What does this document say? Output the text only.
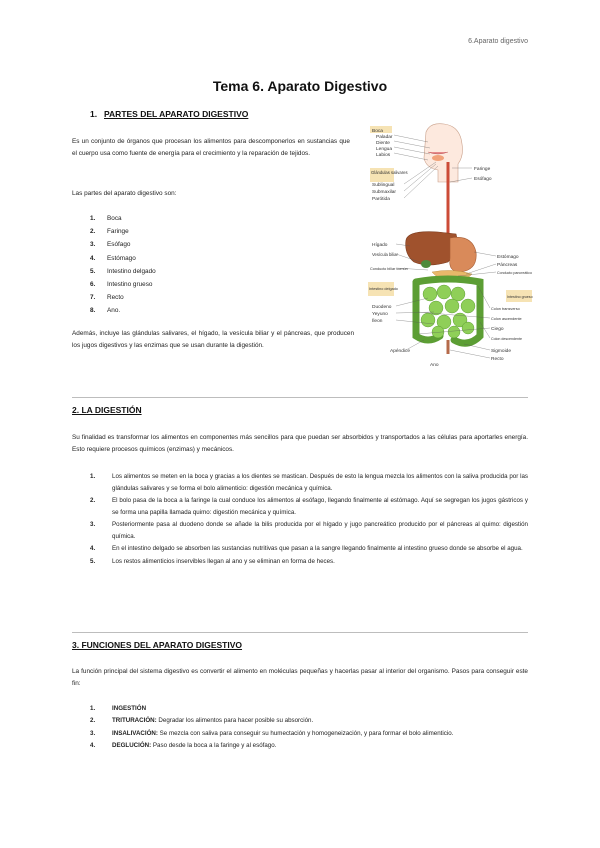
6.Aparato digestivo
Tema 6. Aparato Digestivo
1. PARTES DEL APARATO DIGESTIVO
Es un conjunto de órganos que procesan los alimentos para descomponerlos en sustancias que el cuerpo usa como fuente de energía para el crecimiento y la reparación de tejidos.
Las partes del aparato digestivo son:
1.	Boca
2.	Faringe
3.	Esófago
4.	Estómago
5.	Intestino delgado
6.	Intestino grueso
7.	Recto
8.	Ano.
Además, incluye las glándulas salivares, el hígado, la vesícula biliar y el páncreas, que producen los jugos digestivos y las enzimas que se usan durante la digestión.
Boca
Paladar
Diente
Lengua
Labios
Glándulas salivares
Sublingual
Submaxilar
Parótida
Faringe
Esófago
Hígado
Vesícula biliar
Conducto biliar común
Intestino delgado
Duodeno
Yeyuno
Íleon
Estómago
Páncreas
Conducto pancreático
Intestino grueso
Colon transverso
Colon ascendente
Ciego
Colon descendente
Sigmoide
Recto
Apéndice
Ano
2. LA DIGESTIÓN
Su finalidad es transformar los alimentos en componentes más sencillos para que puedan ser absorbidos y transportados a las células para aportarles energía. Esto requiere procesos químicos (enzimas) y mecánicos.
1.	Los alimentos se meten en la boca y gracias a los dientes se mastican. Después de esto la lengua mezcla los alimentos con la saliva producida por las glándulas salivares y se forma el bolo alimenticio: digestión mecánica y química.
2.	El bolo pasa de la boca a la faringe la cual conduce los alimentos al esófago, llegando finalmente al estómago. Aquí se segregan los jugos gástricos y se forma una papilla llamada quimo: digestión mecánica y química.
3.	Posteriormente pasa al duodeno donde se añade la bilis producida por el hígado y jugo pancreático producido por el páncreas al quimo: digestión química.
4.	En el intestino delgado se absorben las sustancias nutritivas que pasan a la sangre llegando finalmente al intestino grueso donde se absorbe el agua.
5.	Los restos alimenticios inservibles llegan al ano y se eliminan en forma de heces.
3. FUNCIONES DEL APARATO DIGESTIVO
La función principal del sistema digestivo es convertir el alimento en moléculas pequeñas y hacerlas pasar al interior del organismo. Pasos para conseguir este fin:
1.	INGESTIÓN
2.	TRITURACIÓN: Degradar los alimentos para hacer posible su absorción.
3.	INSALIVACIÓN: Se mezcla con saliva para conseguir su humectación y homogeneización, y para formar el bolo alimenticio.
4.	DEGLUCIÓN: Paso desde la boca a la faringe y al esófago.
